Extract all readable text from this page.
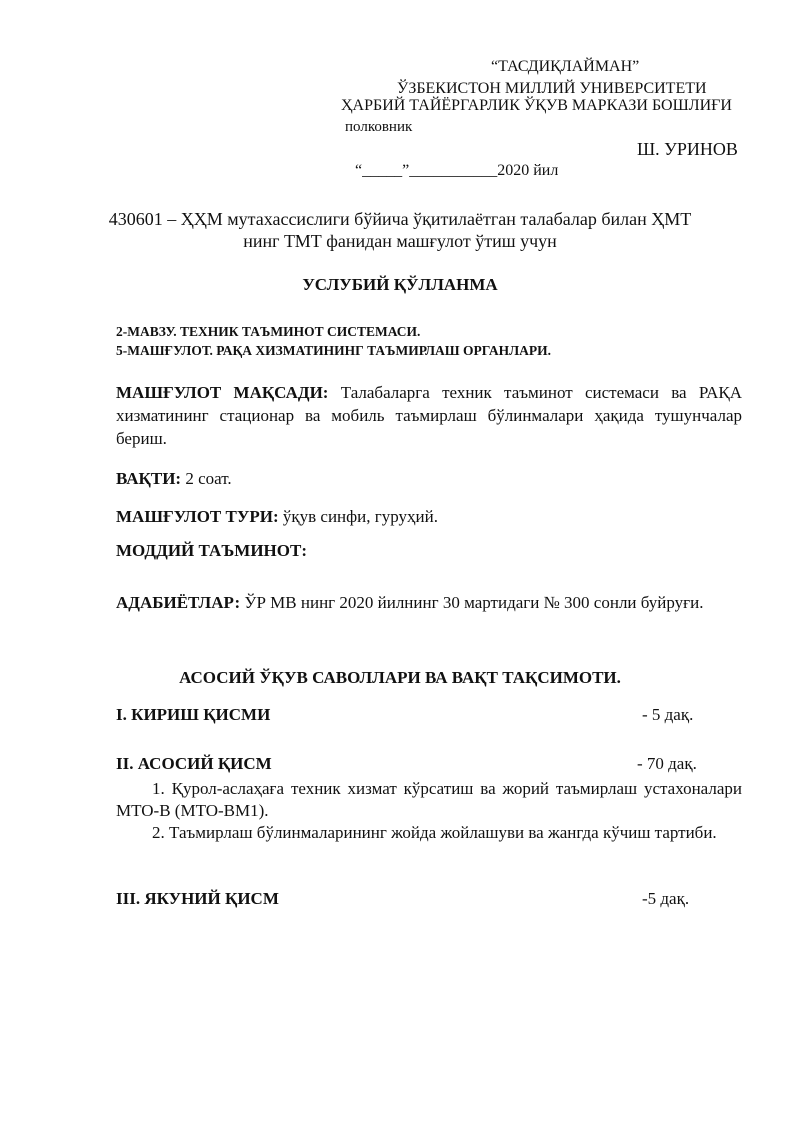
“ТАСДИҚЛАЙМАН”
ЎЗБЕКИСТОН МИЛЛИЙ УНИВЕРСИТЕТИ
ҲАРБИЙ ТАЙЁРГАРЛИК ЎҚУВ МАРКАЗИ БОШЛИҒИ
полковник
Ш. УРИНОВ
“_____”___________2020 йил
430601 – ҲҲМ мутахассислиги бўйича ўқитилаётган талабалар билан ҲМТ
нинг ТМТ фанидан машғулот ўтиш учун
УСЛУБИЙ ҚЎЛЛАНМА
2-МАВЗУ. ТЕХНИК ТАЪМИНОТ СИСТЕМАСИ.
5-МАШҒУЛОТ. РАҚА ХИЗМАТИНИНГ ТАЪМИРЛАШ ОРГАНЛАРИ.
МАШҒУЛОТ МАҚСАДИ: Талабаларга техник таъминот системаси ва РАҚА хизматининг стационар ва мобиль таъмирлаш бўлинмалари ҳақида тушунчалар бериш.
ВАҚТИ: 2 соат.
МАШҒУЛОТ ТУРИ: ўқув синфи, гуруҳий.
МОДДИЙ ТАЪМИНОТ:
АДАБИЁТЛАР: ЎР МВ нинг 2020 йилнинг 30 мартидаги № 300 сонли буйруғи.
АСОСИЙ ЎҚУВ САВОЛЛАРИ ВА ВАҚТ ТАҚСИМОТИ.
I. КИРИШ ҚИСМИ	- 5 дақ.
II. АСОСИЙ ҚИСМ	- 70 дақ.
1. Қурол-аслаҳаға техник хизмат кўрсатиш ва жорий таъмирлаш устахоналари МТО-В (МТО-ВМ1).
2. Таъмирлаш бўлинмаларининг жойда жойлашуви ва жангда кўчиш тартиби.
III. ЯКУНИЙ ҚИСМ	-5 дақ.
